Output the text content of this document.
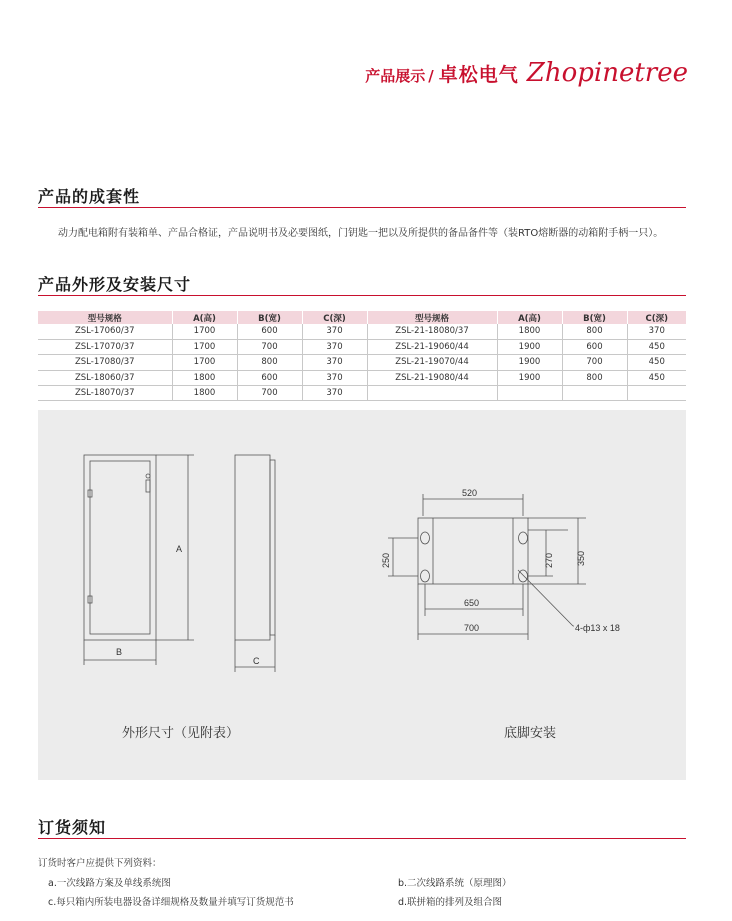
产品展示 / 卓松电气 Zhopinetree
产品的成套性
动力配电箱附有装箱单、产品合格证，产品说明书及必要图纸，门钥匙一把以及所提供的备品备件等（装RTO熔断器的动箱附手柄一只）。
产品外形及安装尺寸
型号规格	A(高)	B(宽)	C(深)	型号规格	A(高)	B(宽)	C(深)
ZSL-17060/37	1700	600	370	ZSL-21-18080/37	1800	800	370
ZSL-17070/37	1700	700	370	ZSL-21-19060/44	1900	600	450
ZSL-17080/37	1700	800	370	ZSL-21-19070/44	1900	700	450
ZSL-18060/37	1800	600	370	ZSL-21-19080/44	1900	800	450
ZSL-18070/37	1800	700	370				
A
B
C
520
250	270 350
650
700	4-ф13 x 18
外形尺寸（见附表）	底脚安装
订货须知
订货时客户应提供下列资料：
a.一次线路方案及单线系统图	b.二次线路系统（原理图）
c.每只箱内所装电器设备详细规格及数量并填写订货规范书	d.联拼箱的排列及组合图
